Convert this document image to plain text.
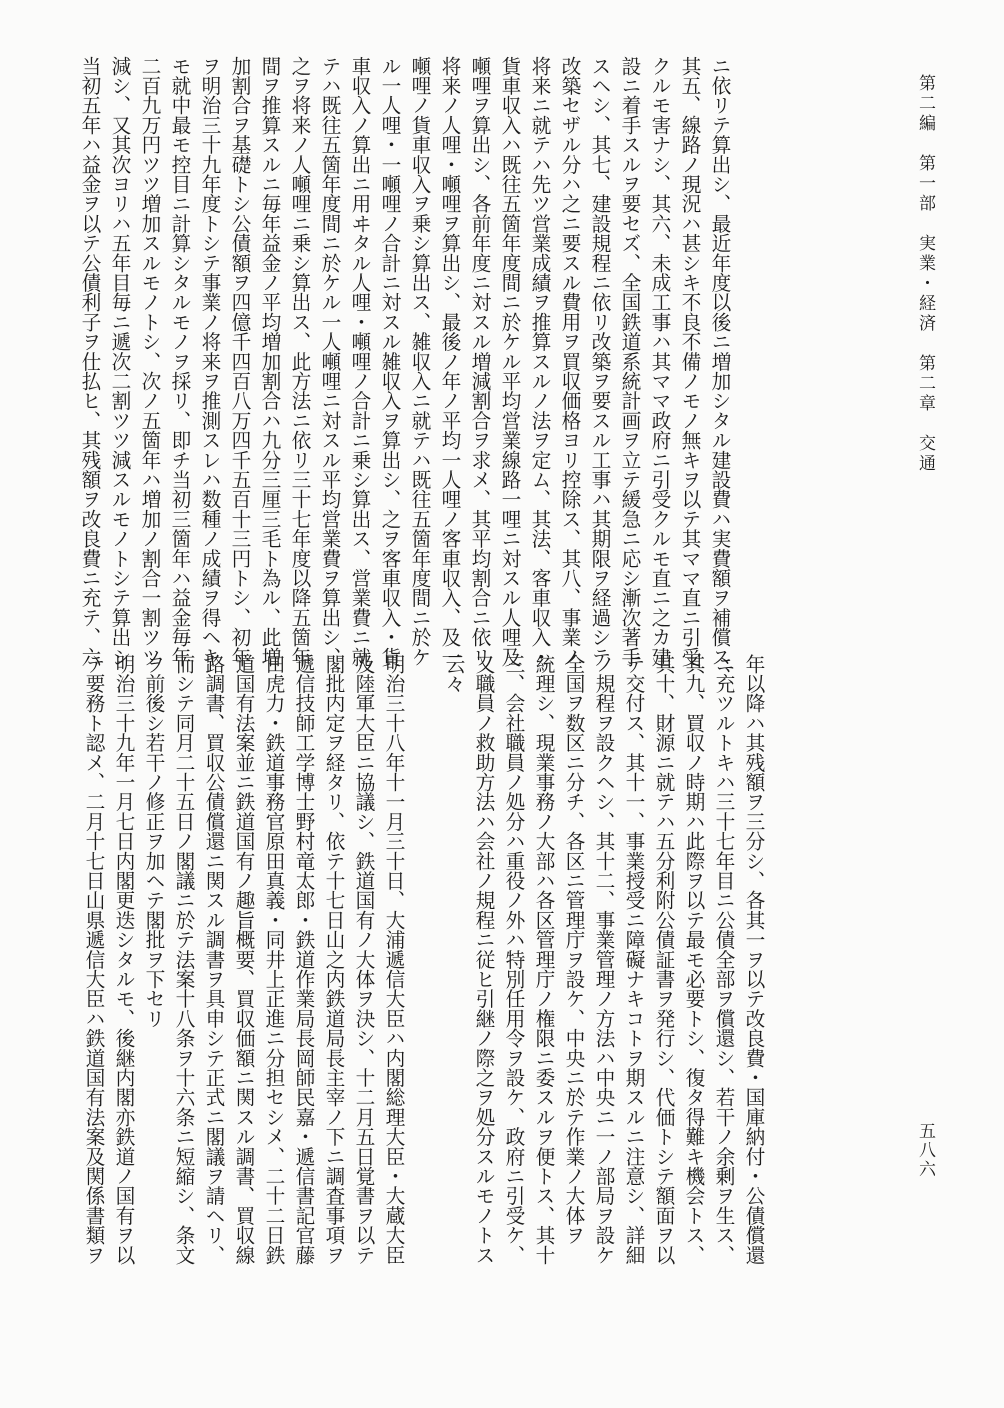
第二編　第一部　実業・経済　第二章　交通
五八六
ニ依リテ算出シ、最近年度以後ニ増加シタル建設費ハ実費額ヲ補償ス、
其五、線路ノ現況ハ甚シキ不良不備ノモノ無キヲ以テ其ママ直ニ引受
クルモ害ナシ、其六、未成工事ハ其ママ政府ニ引受クルモ直ニ之カ建
設ニ着手スルヲ要セズ、全国鉄道系統計画ヲ立テ緩急ニ応シ漸次著手
スヘシ、其七、建設規程ニ依リ改築ヲ要スル工事ハ其期限ヲ経過シテ
改築セザル分ハ之ニ要スル費用ヲ買収価格ヨリ控除ス、其八、事業ノ
将来ニ就テハ先ツ営業成績ヲ推算スルノ法ヲ定ム、其法、客車収入・
貨車収入ハ既往五箇年度間ニ於ケル平均営業線路一哩ニ対スル人哩及
噸哩ヲ算出シ、各前年度ニ対スル増減割合ヲ求メ、其平均割合ニ依リ
将来ノ人哩・噸哩ヲ算出シ、最後ノ年ノ平均一人哩ノ客車収入、及一
噸哩ノ貨車収入ヲ乗シ算出ス、雑収入ニ就テハ既往五箇年度間ニ於ケ
ル一人哩・一噸哩ノ合計ニ対スル雑収入ヲ算出シ、之ヲ客車収入・貨
車収入ノ算出ニ用ヰタル人哩・噸哩ノ合計ニ乗シ算出ス、営業費ニ就
テハ既往五箇年度間ニ於ケル一人噸哩ニ対スル平均営業費ヲ算出シ、
之ヲ将来ノ人噸哩ニ乗シ算出ス、此方法ニ依リ三十七年度以降五箇年
間ヲ推算スルニ毎年益金ノ平均増加割合ハ九分三厘三毛ト為ル、此増
加割合ヲ基礎トシ公債額ヲ四億千四百八万四千五百十三円トシ、初年
ヲ明治三十九年度トシテ事業ノ将来ヲ推測スレハ数種ノ成績ヲ得ヘキ
モ就中最モ控目ニ計算シタルモノヲ採リ、即チ当初三箇年ハ益金毎年
二百九万円ツツ増加スルモノトシ、次ノ五箇年ハ増加ノ割合一割ツツ
減シ、又其次ヨリハ五年目毎ニ遞次二割ツツ減スルモノトシテ算出シ
当初五年ハ益金ヲ以テ公債利子ヲ仕払ヒ、其残額ヲ改良費ニ充テ、六
年以降ハ其残額ヲ三分シ、各其一ヲ以テ改良費・国庫納付・公債償還
ニ充ツルトキハ三十七年目ニ公債全部ヲ償還シ、若干ノ余剰ヲ生ス、
其九、買収ノ時期ハ此際ヲ以テ最モ必要トシ、復タ得難キ機会トス、
其十、財源ニ就テハ五分利附公債証書ヲ発行シ、代価トシテ額面ヲ以
テ交付ス、其十一、事業授受ニ障礙ナキコトヲ期スルニ注意シ、詳細
ノ規程ヲ設クヘシ、其十二、事業管理ノ方法ハ中央ニ一ノ部局ヲ設ケ
全国ヲ数区ニ分チ、各区ニ管理庁ヲ設ケ、中央ニ於テ作業ノ大体ヲ
統理シ、現業事務ノ大部ハ各区管理庁ノ権限ニ委スルヲ便トス、其十
三、会社職員ノ処分ハ重役ノ外ハ特別任用令ヲ設ケ、政府ニ引受ケ、
又職員ノ救助方法ハ会社ノ規程ニ従ヒ引継ノ際之ヲ処分スルモノトス
云々
明治三十八年十一月三十日、大浦遞信大臣ハ内閣総理大臣・大蔵大臣
及陸軍大臣ニ協議シ、鉄道国有ノ大体ヲ決シ、十二月五日覚書ヲ以テ
閣批内定ヲ経タリ、依テ十七日山之内鉄道局長主宰ノ下ニ調査事項ヲ
遞信技師工学博士野村竜太郎・鉄道作業局長岡師民嘉・遞信書記官藤
田虎力・鉄道事務官原田真義・同井上正進ニ分担セシメ、二十二日鉄
道国有法案並ニ鉄道国有ノ趣旨概要、買収価額ニ関スル調書、買収線
路調書、買収公債償還ニ関スル調書ヲ具申シテ正式ニ閣議ヲ請ヘリ、
而シテ同月二十五日ノ閣議ニ於テ法案十八条ヲ十六条ニ短縮シ、条文
ヲ前後シ若干ノ修正ヲ加ヘテ閣批ヲ下セリ
明治三十九年一月七日内閣更迭シタルモ、後継内閣亦鉄道ノ国有ヲ以
テ要務ト認メ、二月十七日山県遞信大臣ハ鉄道国有法案及関係書類ヲ
